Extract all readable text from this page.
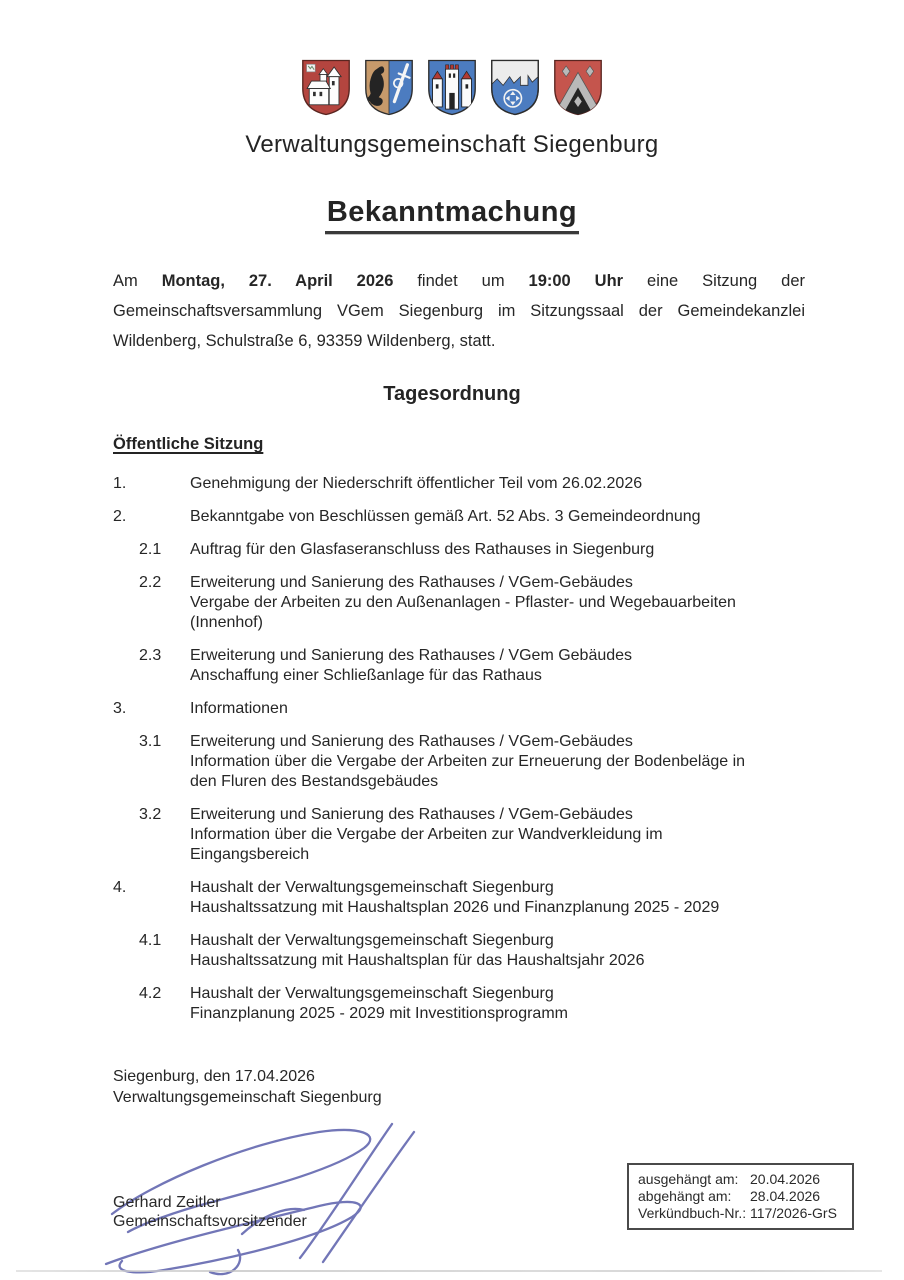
Verwaltungsgemeinschaft Siegenburg
Bekanntmachung
Am Montag, 27. April 2026 findet um 19:00 Uhr eine Sitzung der
Gemeinschaftsversammlung VGem Siegenburg im Sitzungssaal der Gemeindekanzlei
Wildenberg, Schulstraße 6, 93359 Wildenberg, statt.
Tagesordnung
Öffentliche Sitzung
1.	Genehmigung der Niederschrift öffentlicher Teil vom 26.02.2026
2.	Bekanntgabe von Beschlüssen gemäß Art. 52 Abs. 3 Gemeindeordnung
2.1	Auftrag für den Glasfaseranschluss des Rathauses in Siegenburg
2.2	Erweiterung und Sanierung des Rathauses / VGem-Gebäudes
Vergabe der Arbeiten zu den Außenanlagen - Pflaster- und Wegebauarbeiten
(Innenhof)
2.3	Erweiterung und Sanierung des Rathauses / VGem Gebäudes
Anschaffung einer Schließanlage für das Rathaus
3.	Informationen
3.1	Erweiterung und Sanierung des Rathauses / VGem-Gebäudes
Information über die Vergabe der Arbeiten zur Erneuerung der Bodenbeläge in
den Fluren des Bestandsgebäudes
3.2	Erweiterung und Sanierung des Rathauses / VGem-Gebäudes
Information über die Vergabe der Arbeiten zur Wandverkleidung im
Eingangsbereich
4.	Haushalt der Verwaltungsgemeinschaft Siegenburg
Haushaltssatzung mit Haushaltsplan 2026 und Finanzplanung 2025 - 2029
4.1	Haushalt der Verwaltungsgemeinschaft Siegenburg
Haushaltssatzung mit Haushaltsplan für das Haushaltsjahr 2026
4.2	Haushalt der Verwaltungsgemeinschaft Siegenburg
Finanzplanung 2025 - 2029 mit Investitionsprogramm
Siegenburg, den 17.04.2026
Verwaltungsgemeinschaft Siegenburg
Gerhard Zeitler
Gemeinschaftsvorsitzender
ausgehängt am: 20.04.2026
abgehängt am:	28.04.2026
Verkündbuch-Nr.: 117/2026-GrS
